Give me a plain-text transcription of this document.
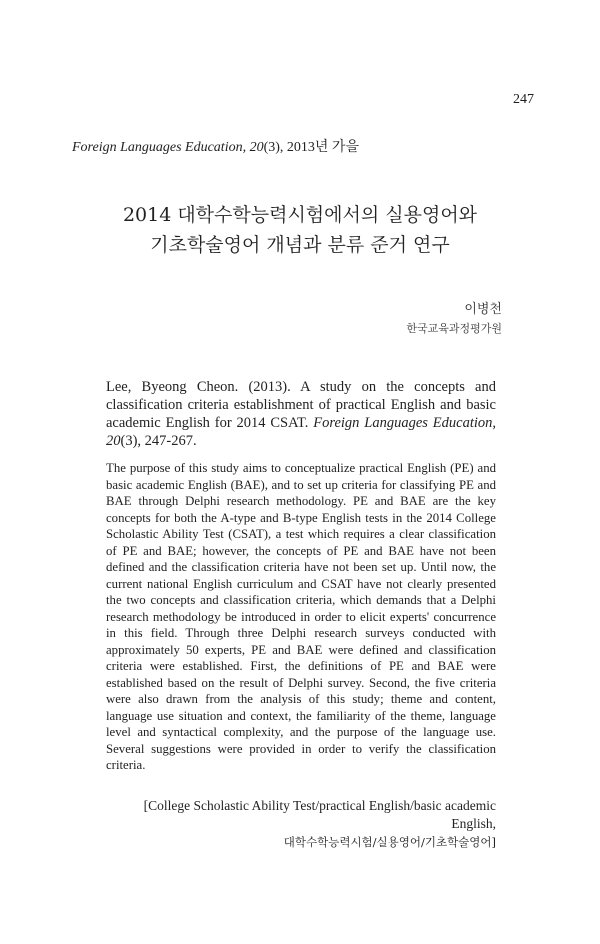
247
Foreign Languages Education, 20(3), 2013년 가을
2014 대학수학능력시험에서의 실용영어와
기초학술영어 개념과 분류 준거 연구
이병천
한국교육과정평가원
Lee, Byeong Cheon. (2013). A study on the concepts and classification criteria establishment of practical English and basic academic English for 2014 CSAT. Foreign Languages Education, 20(3), 247-267.
The purpose of this study aims to conceptualize practical English (PE) and basic academic English (BAE), and to set up criteria for classifying PE and BAE through Delphi research methodology. PE and BAE are the key concepts for both the A-type and B-type English tests in the 2014 College Scholastic Ability Test (CSAT), a test which requires a clear classification of PE and BAE; however, the concepts of PE and BAE have not been defined and the classification criteria have not been set up. Until now, the current national English curriculum and CSAT have not clearly presented the two concepts and classification criteria, which demands that a Delphi research methodology be introduced in order to elicit experts' concurrence in this field. Through three Delphi research surveys conducted with approximately 50 experts, PE and BAE were defined and classification criteria were established. First, the definitions of PE and BAE were established based on the result of Delphi survey. Second, the five criteria were also drawn from the analysis of this study; theme and content, language use situation and context, the familiarity of the theme, language level and syntactical complexity, and the purpose of the language use. Several suggestions were provided in order to verify the classification criteria.
[College Scholastic Ability Test/practical English/basic academic English,
대학수학능력시험/실용영어/기초학술영어]
